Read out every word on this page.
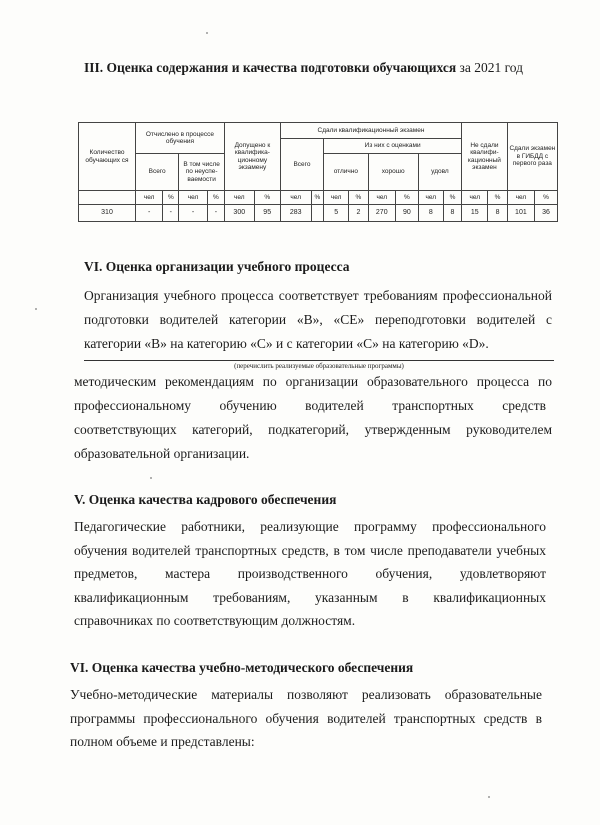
III. Оценка содержания и качества подготовки обучающихся за 2021 год
Количество обучающих ся	Отчислено в процессе обучения				Допущено к квалифика-ционному экзамену		Сдали квалификационный экзамен								Не сдали квалифи-кационный экзамен		Сдали экзамен в ГИБДД с первого раза	
							Всего		Из них с оценками									
	Всего		В том числе по неуспе-ваемости						отлично		хорошо		удовл					

	чел	%	чел	%	чел	%	чел	%	чел	%	чел	%	чел	%	чел	%	чел	%
310	-	-	-	-	300	95	283		5	2	270	90	8	8	15	8	101	36
VI. Оценка организации учебного процесса
Организация учебного процесса соответствует требованиям профессиональной
подготовки водителей категории «В», «СЕ» переподготовки водителей с
категории «В» на категорию «С» и с категории «С» на категорию «D».
(перечислить реализуемые образовательные программы)
методическим рекомендациям по организации образовательного процесса по
профессиональному обучению водителей транспортных средств
соответствующих категорий, подкатегорий, утвержденным руководителем
образовательной организации.
V. Оценка качества кадрового обеспечения
Педагогические работники, реализующие программу профессионального
обучения водителей транспортных средств, в том числе преподаватели учебных
предметов, мастера производственного обучения, удовлетворяют
квалификационным требованиям, указанным в квалификационных
справочниках по соответствующим должностям.
VI. Оценка качества учебно-методического обеспечения
Учебно-методические материалы позволяют реализовать образовательные
программы профессионального обучения водителей транспортных средств в
полном объеме и представлены:
